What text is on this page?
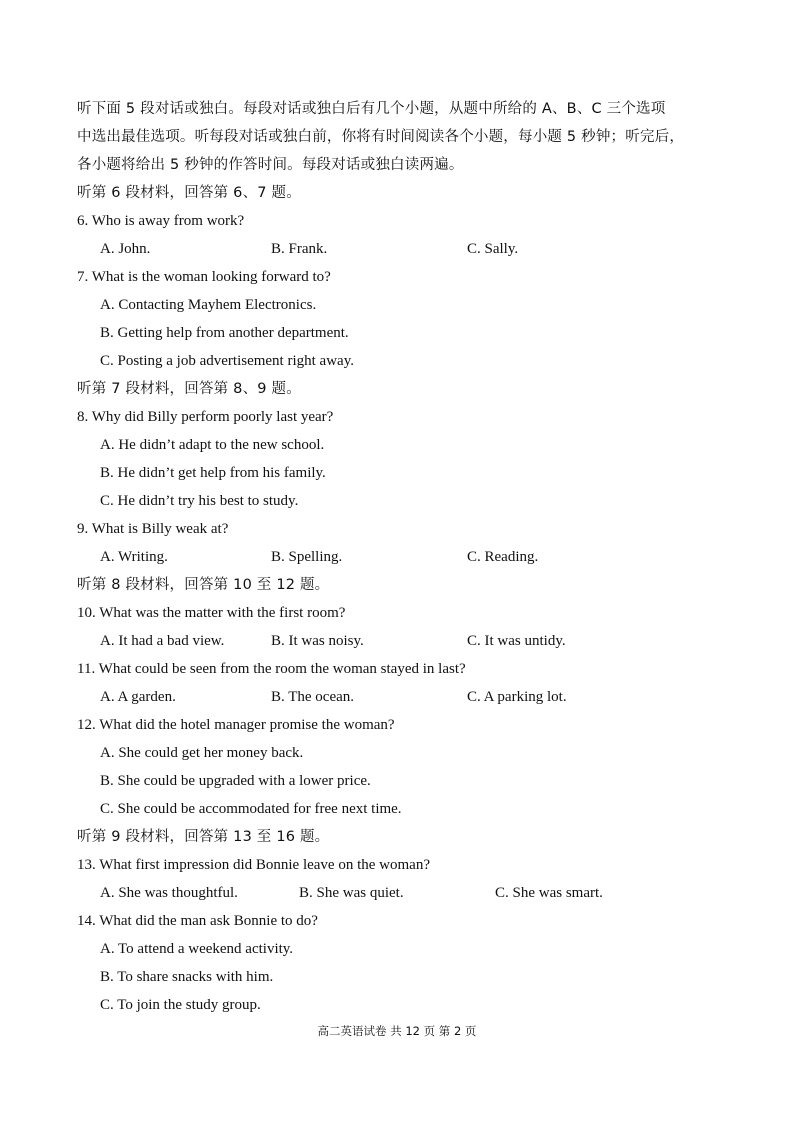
听下面 5 段对话或独白。每段对话或独白后有几个小题，从题中所给的 A、B、C 三个选项
中选出最佳选项。听每段对话或独白前，你将有时间阅读各个小题，每小题 5 秒钟；听完后，
各小题将给出 5 秒钟的作答时间。每段对话或独白读两遍。
听第 6 段材料，回答第 6、7 题。
6. Who is away from work?
A. John.	B. Frank.	C. Sally.
7. What is the woman looking forward to?
A. Contacting Mayhem Electronics.
B. Getting help from another department.
C. Posting a job advertisement right away.
听第 7 段材料，回答第 8、9 题。
8. Why did Billy perform poorly last year?
A. He didn’t adapt to the new school.
B. He didn’t get help from his family.
C. He didn’t try his best to study.
9. What is Billy weak at?
A. Writing.	B. Spelling.	C. Reading.
听第 8 段材料，回答第 10 至 12 题。
10. What was the matter with the first room?
A. It had a bad view.	B. It was noisy.	C. It was untidy.
11. What could be seen from the room the woman stayed in last?
A. A garden.	B. The ocean.	C. A parking lot.
12. What did the hotel manager promise the woman?
A. She could get her money back.
B. She could be upgraded with a lower price.
C. She could be accommodated for free next time.
听第 9 段材料，回答第 13 至 16 题。
13. What first impression did Bonnie leave on the woman?
A. She was thoughtful.	B. She was quiet.	C. She was smart.
14. What did the man ask Bonnie to do?
A. To attend a weekend activity.
B. To share snacks with him.
C. To join the study group.
高二英语试卷 共 12 页 第 2 页
